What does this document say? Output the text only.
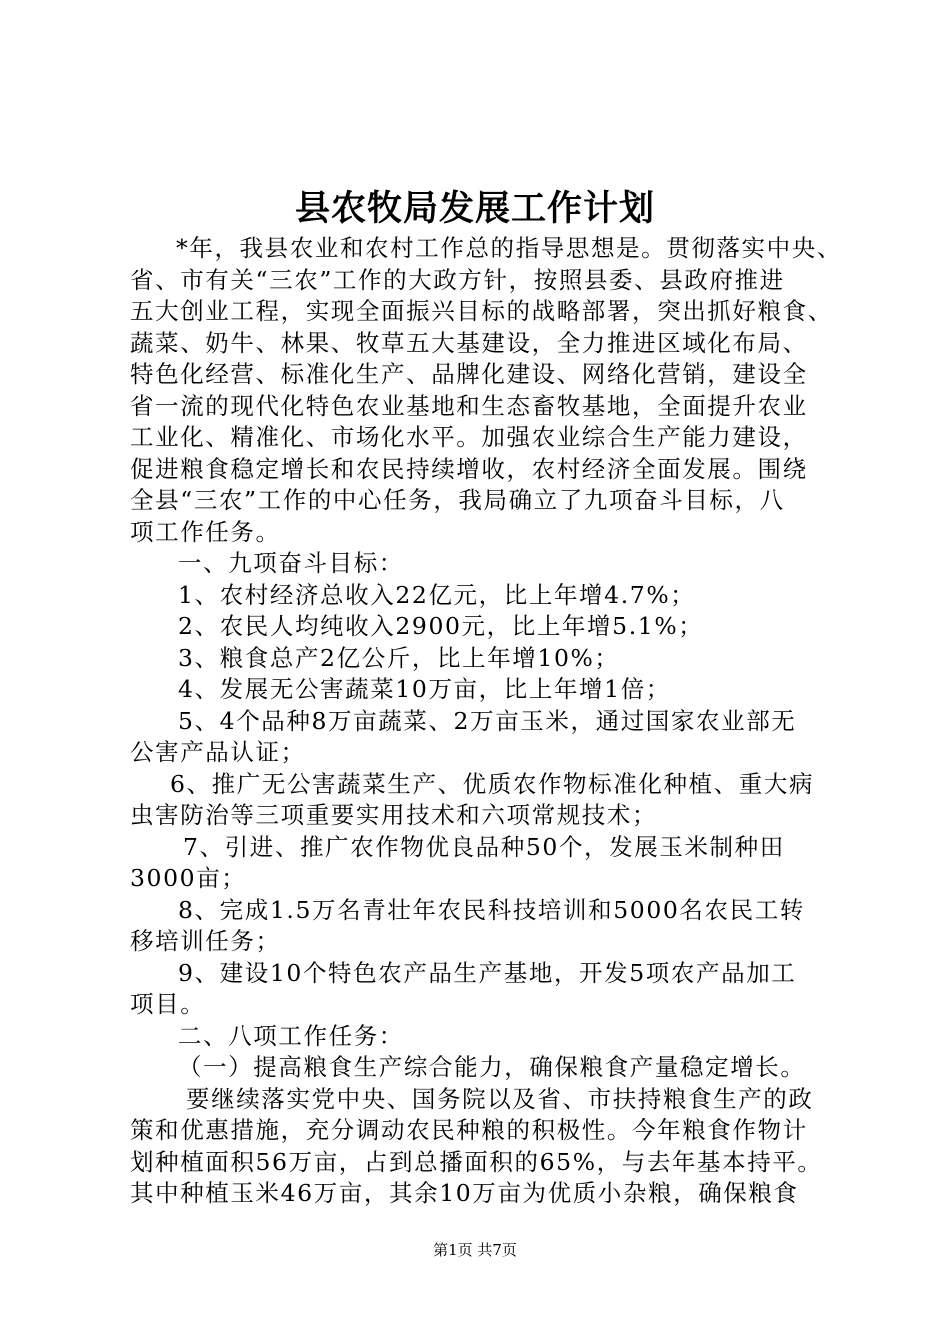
县农牧局发展工作计划
*年，我县农业和农村工作总的指导思想是。贯彻落实中央、
省、市有关“三农”工作的大政方针，按照县委、县政府推进
五大创业工程，实现全面振兴目标的战略部署，突出抓好粮食、
蔬菜、奶牛、林果、牧草五大基建设，全力推进区域化布局、
特色化经营、标准化生产、品牌化建设、网络化营销，建设全
省一流的现代化特色农业基地和生态畜牧基地，全面提升农业
工业化、精准化、市场化水平。加强农业综合生产能力建设，
促进粮食稳定增长和农民持续增收，农村经济全面发展。围绕
全县“三农”工作的中心任务，我局确立了九项奋斗目标，八
项工作任务。
一、九项奋斗目标：
1、农村经济总收入22亿元，比上年增4.7%；
2、农民人均纯收入2900元，比上年增5.1%；
3、粮食总产2亿公斤，比上年增10%；
4、发展无公害蔬菜10万亩，比上年增1倍；
5、4个品种8万亩蔬菜、2万亩玉米，通过国家农业部无
公害产品认证；
6、推广无公害蔬菜生产、优质农作物标准化种植、重大病
虫害防治等三项重要实用技术和六项常规技术；
7、引进、推广农作物优良品种50个，发展玉米制种田
3000亩；
8、完成1.5万名青壮年农民科技培训和5000名农民工转
移培训任务；
9、建设10个特色农产品生产基地，开发5项农产品加工
项目。
二、八项工作任务：
（一）提高粮食生产综合能力，确保粮食产量稳定增长。
要继续落实党中央、国务院以及省、市扶持粮食生产的政
策和优惠措施，充分调动农民种粮的积极性。今年粮食作物计
划种植面积56万亩，占到总播面积的65%，与去年基本持平。
其中种植玉米46万亩，其余10万亩为优质小杂粮，确保粮食
第1页 共7页
